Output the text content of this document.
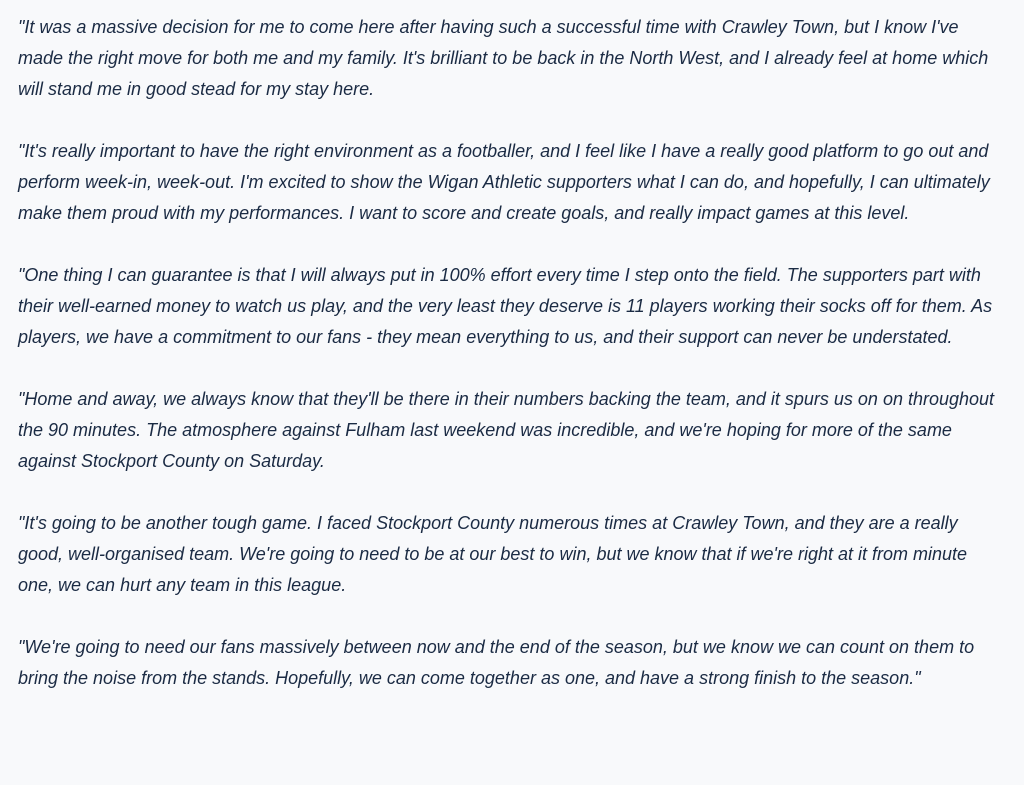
"It was a massive decision for me to come here after having such a successful time with Crawley Town, but I know I've made the right move for both me and my family. It's brilliant to be back in the North West, and I already feel at home which will stand me in good stead for my stay here.

"It's really important to have the right environment as a footballer, and I feel like I have a really good platform to go out and perform week-in, week-out. I'm excited to show the Wigan Athletic supporters what I can do, and hopefully, I can ultimately make them proud with my performances. I want to score and create goals, and really impact games at this level.

"One thing I can guarantee is that I will always put in 100% effort every time I step onto the field. The supporters part with their well-earned money to watch us play, and the very least they deserve is 11 players working their socks off for them. As players, we have a commitment to our fans - they mean everything to us, and their support can never be understated.

"Home and away, we always know that they'll be there in their numbers backing the team, and it spurs us on on throughout the 90 minutes. The atmosphere against Fulham last weekend was incredible, and we're hoping for more of the same against Stockport County on Saturday.

"It's going to be another tough game. I faced Stockport County numerous times at Crawley Town, and they are a really good, well-organised team. We're going to need to be at our best to win, but we know that if we're right at it from minute one, we can hurt any team in this league.

"We're going to need our fans massively between now and the end of the season, but we know we can count on them to bring the noise from the stands. Hopefully, we can come together as one, and have a strong finish to the season."
